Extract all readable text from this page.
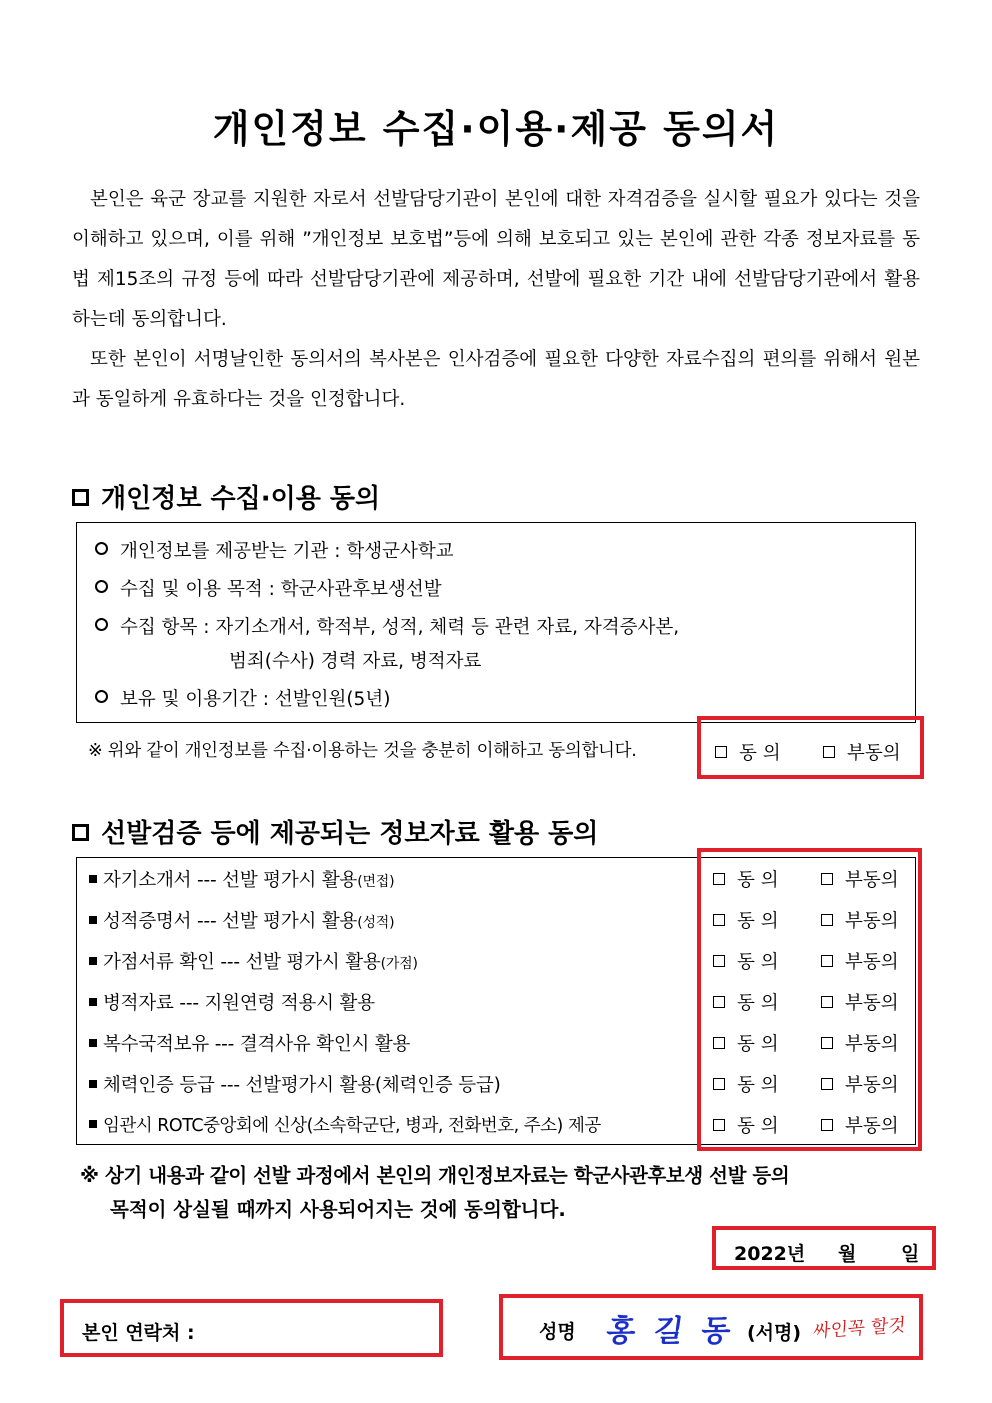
개인정보 수집·이용·제공 동의서

본인은 육군 장교를 지원한 자로서 선발담당기관이 본인에 대한 자격검증을 실시할 필요가 있다는 것을 이해하고 있으며, 이를 위해 ”개인정보 보호법”등에 의해 보호되고 있는 본인에 관한 각종 정보자료를 동법 제15조의 규정 등에 따라 선발담당기관에 제공하며, 선발에 필요한 기간 내에 선발담당기관에서 활용하는데 동의합니다.

또한 본인이 서명날인한 동의서의 복사본은 인사검증에 필요한 다양한 자료수집의 편의를 위해서 원본과 동일하게 유효하다는 것을 인정합니다.

개인정보 수집·이용 동의
개인정보를 제공받는 기관 : 학생군사학교
수집 및 이용 목적 : 학군사관후보생선발
수집 항목 : 자기소개서, 학적부, 성적, 체력 등 관련 자료, 자격증사본,
범죄(수사) 경력 자료, 병적자료
보유 및 이용기간 : 선발인원(5년)
※ 위와 같이 개인정보를 수집·이용하는 것을 충분히 이해하고 동의합니다.	동 의	부동의
선발검증 등에 제공되는 정보자료 활용 동의
자기소개서 --- 선발 평가시 활용(면접)	동 의	부동의
성적증명서 --- 선발 평가시 활용(성적)	동 의	부동의
가점서류 확인 --- 선발 평가시 활용(가점)	동 의	부동의
병적자료 --- 지원연령 적용시 활용	동 의	부동의
복수국적보유 --- 결격사유 확인시 활용	동 의	부동의
체력인증 등급 --- 선발평가시 활용(체력인증 등급)	동 의	부동의
임관시 ROTC중앙회에 신상(소속학군단, 병과, 전화번호, 주소) 제공	동 의	부동의
※ 상기 내용과 같이 선발 과정에서 본인의 개인정보자료는 학군사관후보생 선발 등의
목적이 상실될 때까지 사용되어지는 것에 동의합니다.
2022년 월 일
본인 연락처 :	성명 홍 길 동 (서명) 싸인꼭 할것
